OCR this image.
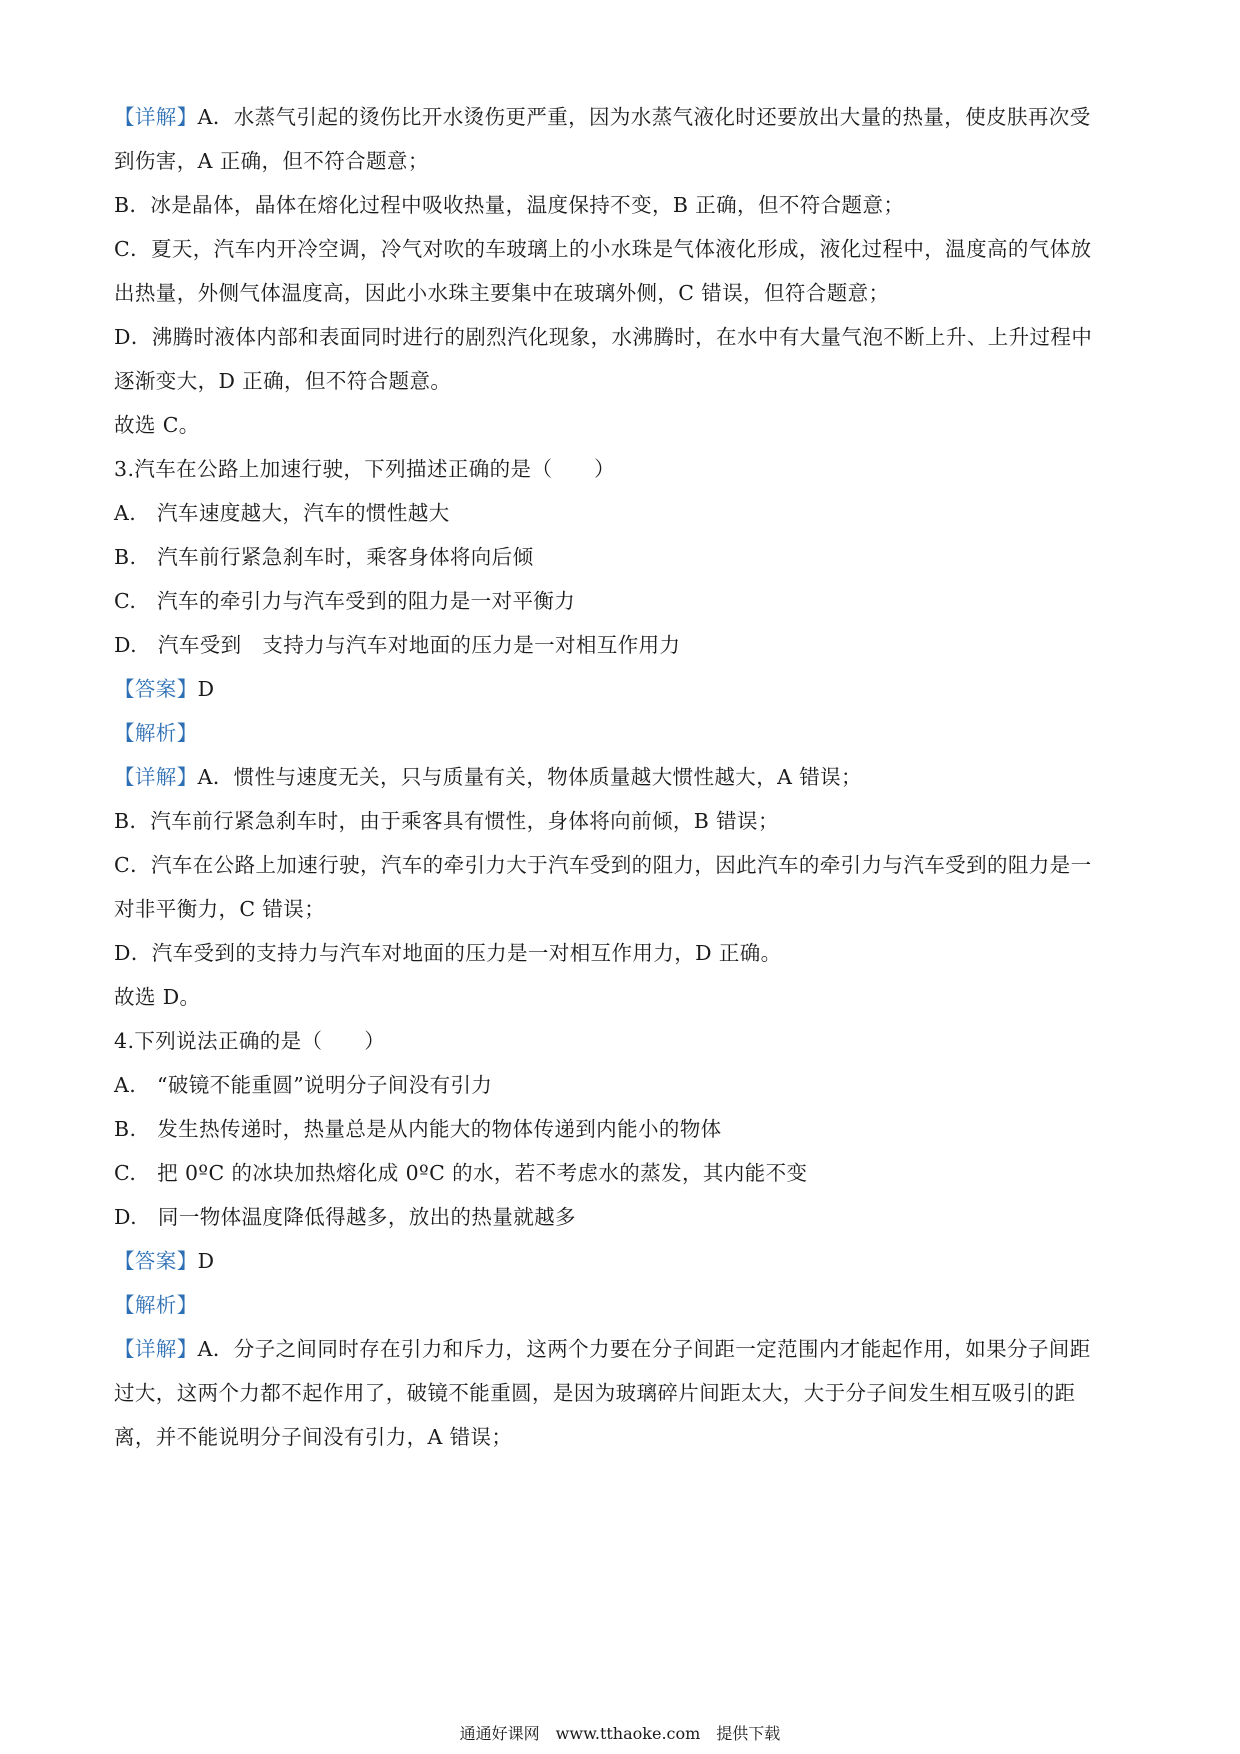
【详解】A．水蒸气引起的烫伤比开水烫伤更严重，因为水蒸气液化时还要放出大量的热量，使皮肤再次受
到伤害，A 正确，但不符合题意；
B．冰是晶体，晶体在熔化过程中吸收热量，温度保持不变，B 正确，但不符合题意；
C．夏天，汽车内开冷空调，冷气对吹的车玻璃上的小水珠是气体液化形成，液化过程中，温度高的气体放
出热量，外侧气体温度高，因此小水珠主要集中在玻璃外侧，C 错误，但符合题意；
D．沸腾时液体内部和表面同时进行的剧烈汽化现象，水沸腾时，在水中有大量气泡不断上升、上升过程中
逐渐变大，D 正确，但不符合题意。
故选 C。
3.汽车在公路上加速行驶，下列描述正确的是（　　）
A.　汽车速度越大，汽车的惯性越大
B.　汽车前行紧急刹车时，乘客身体将向后倾
C.　汽车的牵引力与汽车受到的阻力是一对平衡力
D.　汽车受到　支持力与汽车对地面的压力是一对相互作用力
【答案】D
【解析】
【详解】A．惯性与速度无关，只与质量有关，物体质量越大惯性越大，A 错误；
B．汽车前行紧急刹车时，由于乘客具有惯性，身体将向前倾，B 错误；
C．汽车在公路上加速行驶，汽车的牵引力大于汽车受到的阻力，因此汽车的牵引力与汽车受到的阻力是一
对非平衡力，C 错误；
D．汽车受到的支持力与汽车对地面的压力是一对相互作用力，D 正确。
故选 D。
4.下列说法正确的是（　　）
A.　“破镜不能重圆”说明分子间没有引力
B.　发生热传递时，热量总是从内能大的物体传递到内能小的物体
C.　把 0ºC 的冰块加热熔化成 0ºC 的水，若不考虑水的蒸发，其内能不变
D.　同一物体温度降低得越多，放出的热量就越多
【答案】D
【解析】
【详解】A．分子之间同时存在引力和斥力，这两个力要在分子间距一定范围内才能起作用，如果分子间距
过大，这两个力都不起作用了，破镜不能重圆，是因为玻璃碎片间距太大，大于分子间发生相互吸引的距
离，并不能说明分子间没有引力，A 错误；
通通好课网　www.tthaoke.com　提供下载
